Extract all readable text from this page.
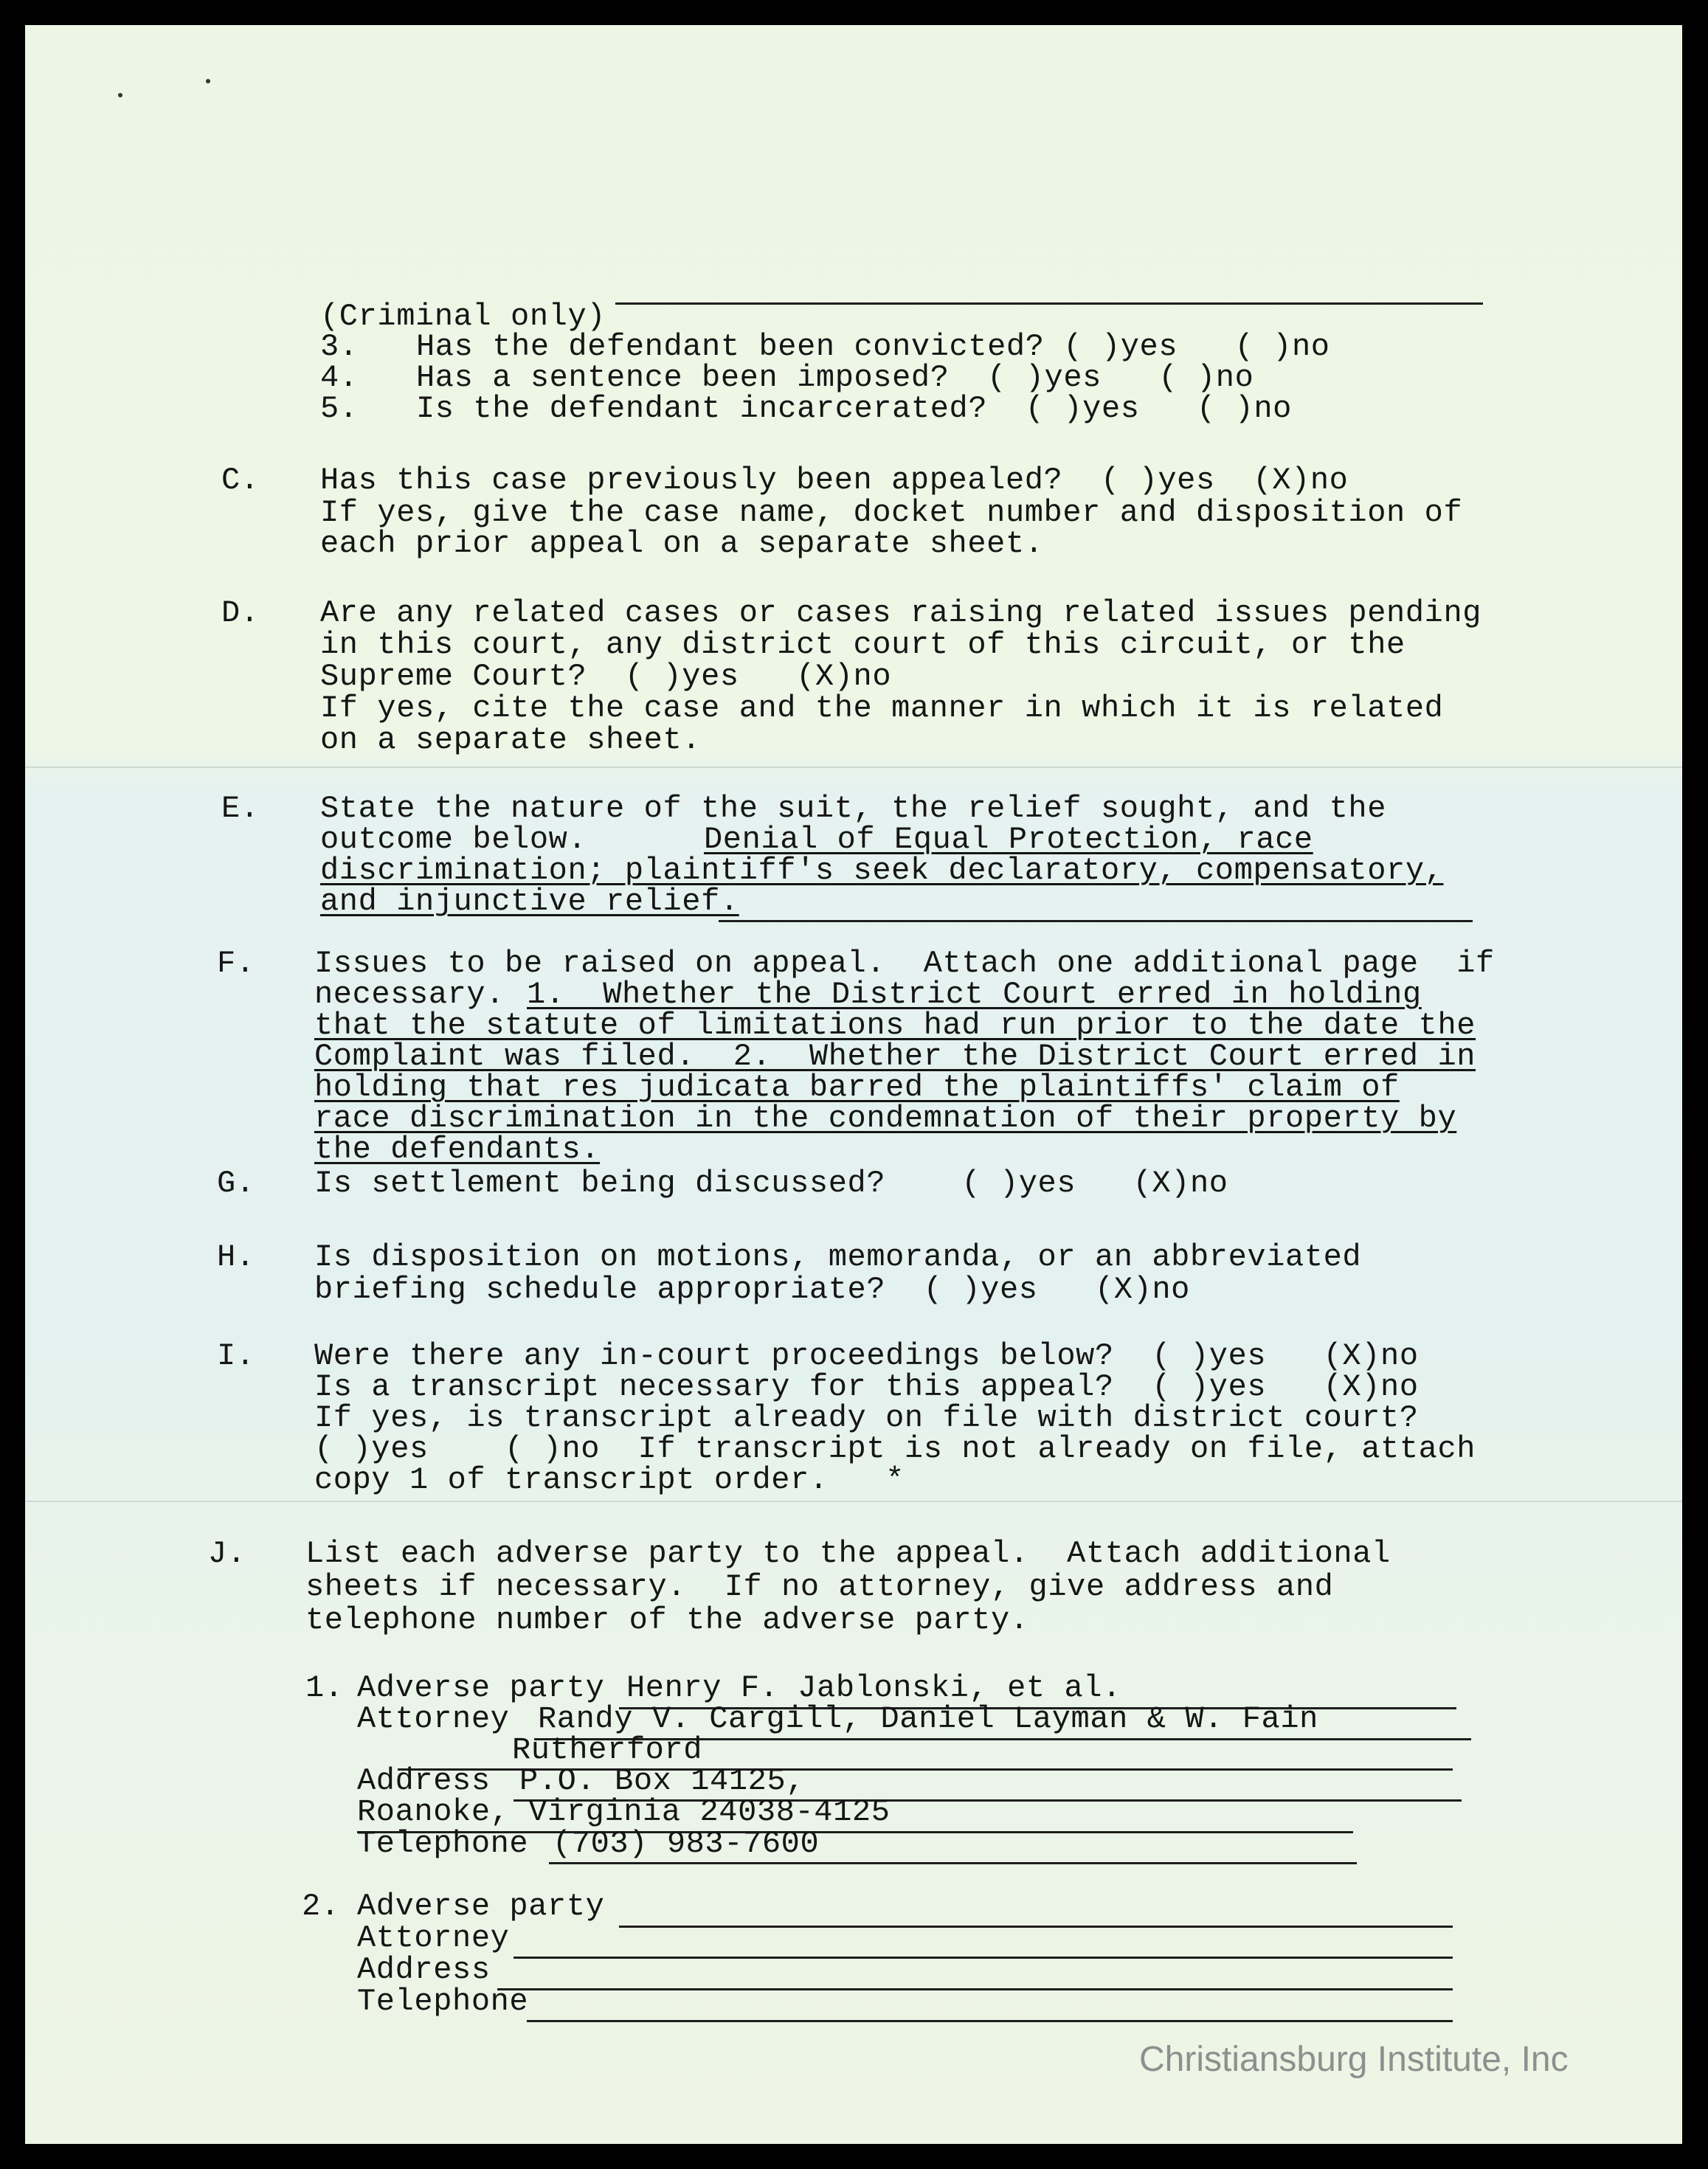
(Criminal only)
3. Has the defendant been convicted? ( )yes   ( )no
4. Has a sentence been imposed?  ( )yes   ( )no
5. Is the defendant incarcerated?  ( )yes   ( )no
C. Has this case previously been appealed?  ( )yes  (X)no
If yes, give the case name, docket number and disposition of
each prior appeal on a separate sheet.
D. Are any related cases or cases raising related issues pending
in this court, any district court of this circuit, or the
Supreme Court?  ( )yes   (X)no
If yes, cite the case and the manner in which it is related
on a separate sheet.
E. State the nature of the suit, the relief sought, and the
outcome below.	Denial of Equal Protection, race
discrimination; plaintiff's seek declaratory, compensatory,
and injunctive relief.
F. Issues to be raised on appeal.  Attach one additional page  if
necessary. 1.  Whether the District Court erred in holding
that the statute of limitations had run prior to the date the
Complaint was filed.  2.  Whether the District Court erred in
holding that res judicata barred the plaintiffs' claim of
race discrimination in the condemnation of their property by
the defendants.
G. Is settlement being discussed?    ( )yes   (X)no
H. Is disposition on motions, memoranda, or an abbreviated
briefing schedule appropriate?  ( )yes   (X)no
I. Were there any in-court proceedings below?  ( )yes   (X)no
Is a transcript necessary for this appeal?  ( )yes   (X)no
If yes, is transcript already on file with district court?
( )yes    ( )no  If transcript is not already on file, attach
copy 1 of transcript order.   *
J. List each adverse party to the appeal.  Attach additional
sheets if necessary.  If no attorney, give address and
telephone number of the adverse party.
1. Adverse party Henry F. Jablonski, et al.
Attorney Randy V. Cargill, Daniel Layman & W. Fain
Rutherford
Address P.O. Box 14125,
Roanoke, Virginia 24038-4125
Telephone (703) 983-7600
2. Adverse party
Attorney
Address
Telephone
Christiansburg Institute, Inc
